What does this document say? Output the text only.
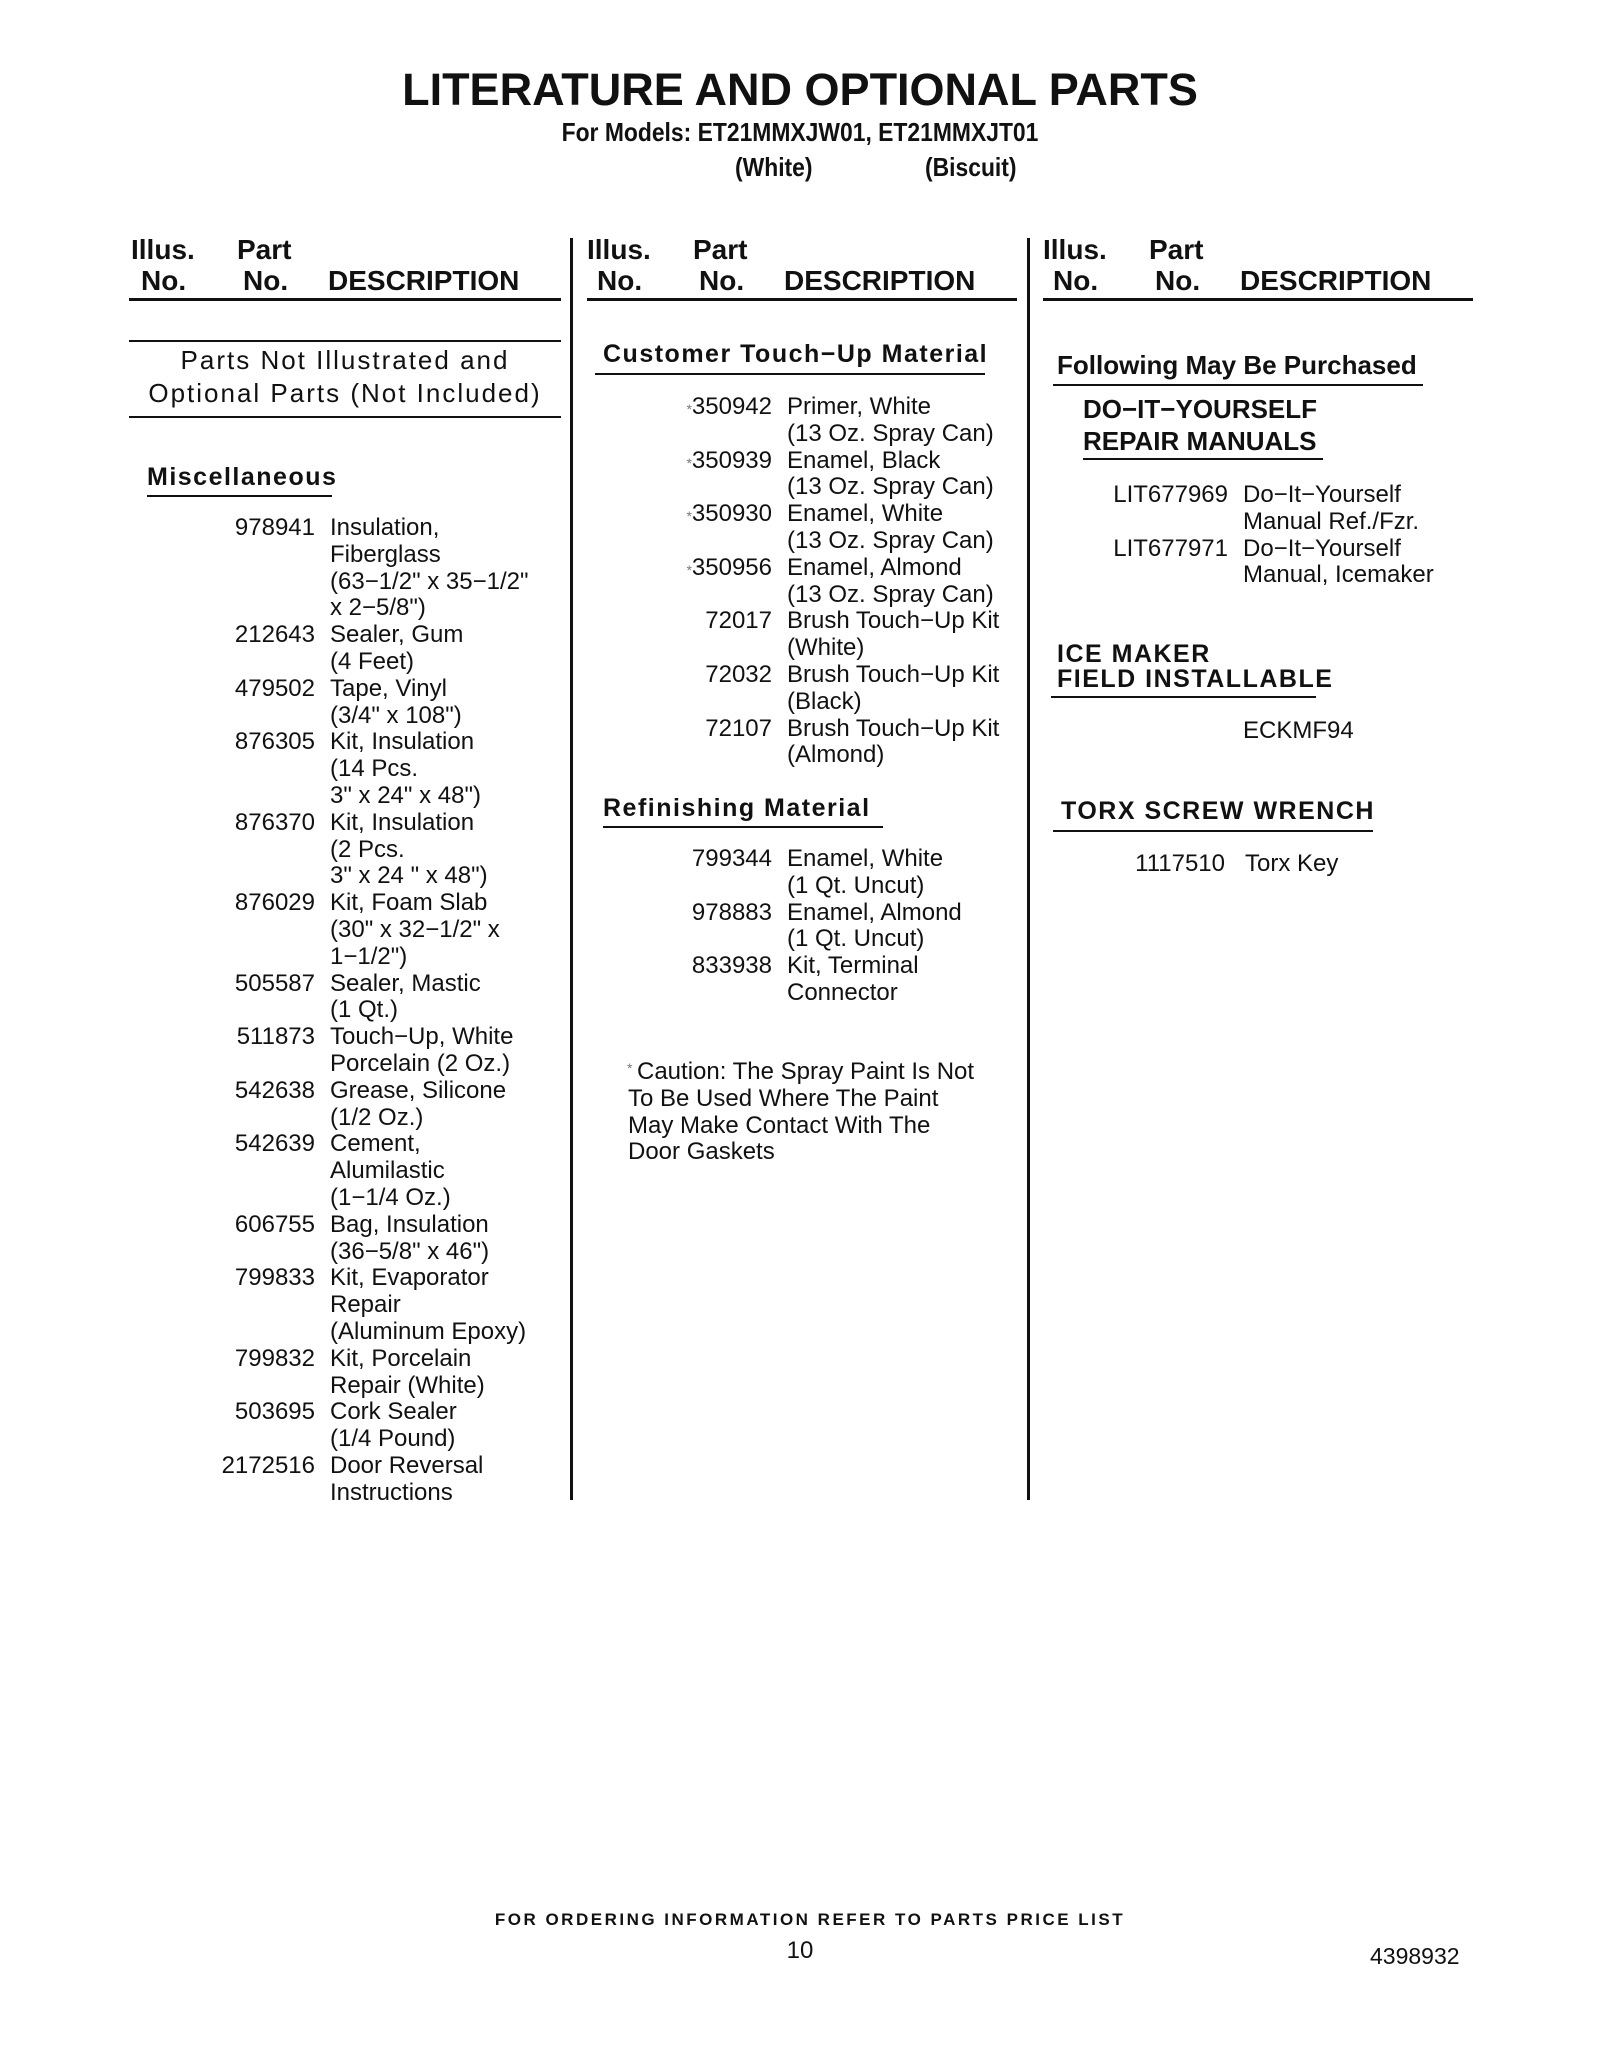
LITERATURE AND OPTIONAL PARTS
For Models: ET21MMXJW01, ET21MMXJT01
(White)	(Biscuit)
Illus.
No.
Part
No. DESCRIPTION
Illus.
No.
Part
No. DESCRIPTION
Illus.
No.
Part
No. DESCRIPTION
Parts Not Illustrated and
Optional Parts (Not Included)
Miscellaneous
978941 Insulation,
Fiberglass
(63−1/2" x 35−1/2"
x 2−5/8")
212643 Sealer, Gum
(4 Feet)
479502 Tape, Vinyl
(3/4" x 108")
876305 Kit, Insulation
(14 Pcs.
3" x 24" x 48")
876370 Kit, Insulation
(2 Pcs.
3" x 24 " x 48")
876029 Kit, Foam Slab
(30" x 32−1/2" x
1−1/2")
505587 Sealer, Mastic
(1 Qt.)
511873 Touch−Up, White
Porcelain (2 Oz.)
542638 Grease, Silicone
(1/2 Oz.)
542639 Cement,
Alumilastic
(1−1/4 Oz.)
606755 Bag, Insulation
(36−5/8" x 46")
799833 Kit, Evaporator
Repair
(Aluminum Epoxy)
799832 Kit, Porcelain
Repair (White)
503695 Cork Sealer
(1/4 Pound)
2172516 Door Reversal
Instructions
Customer Touch−Up Material
*350942 Primer, White
(13 Oz. Spray Can)
*350939 Enamel, Black
(13 Oz. Spray Can)
*350930 Enamel, White
(13 Oz. Spray Can)
*350956 Enamel, Almond
(13 Oz. Spray Can)
72017 Brush Touch−Up Kit
(White)
72032 Brush Touch−Up Kit
(Black)
72107 Brush Touch−Up Kit
(Almond)
Refinishing Material
799344 Enamel, White
(1 Qt. Uncut)
978883 Enamel, Almond
(1 Qt. Uncut)
833938 Kit, Terminal
Connector
* Caution: The Spray Paint Is Not
To Be Used Where The Paint
May Make Contact With The
Door Gaskets
Following May Be Purchased
DO−IT−YOURSELF
REPAIR MANUALS
LIT677969 Do−It−Yourself
Manual Ref./Fzr.
LIT677971 Do−It−Yourself
Manual, Icemaker
ICE MAKER
FIELD INSTALLABLE
ECKMF94
TORX SCREW WRENCH
1117510 Torx Key
FOR ORDERING INFORMATION REFER TO PARTS PRICE LIST
10	4398932
